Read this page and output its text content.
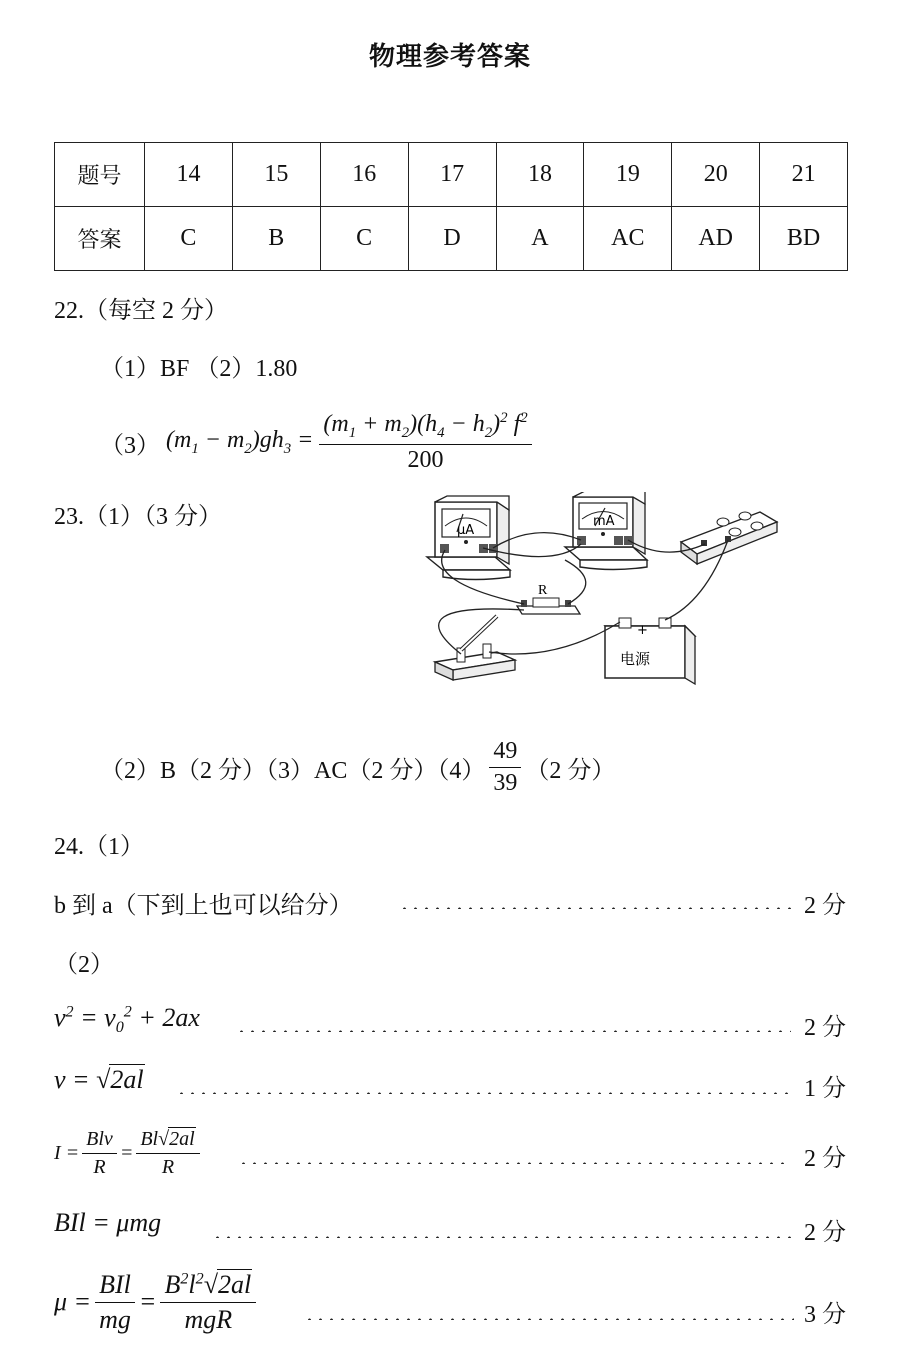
物理参考答案
题号	14	15	16	17	18	19	20	21
答案	C	B	C	D	A	AC	AD	BD
22.（每空 2 分）
（1）BF （2）1.80
（3） $(m_1 - m_2)gh_3 = \frac{(m_1 + m_2)(h_4 - h_2)^2 f^2}{200}$
23.（1）（3 分）
μA
mA
R
+
电源
（2）B（2 分）（3）AC（2 分）$(4) \frac{49}{39} (2$ 分）
24.（1）
b 到 a（下到上也可以给分）	2 分
（2）
$v^2 = v_0^2 + 2ax$	2 分
v = √2al	1 分
$I = \frac{\text{Blv}}{R} = \frac{Bl√2al}{R}$	2 分
BIl = μmg	2 分
$\mu = \frac{\text{BIl}}{mg} = \frac{B^2l^2√2al}{\text{mgR}}$	3 分
